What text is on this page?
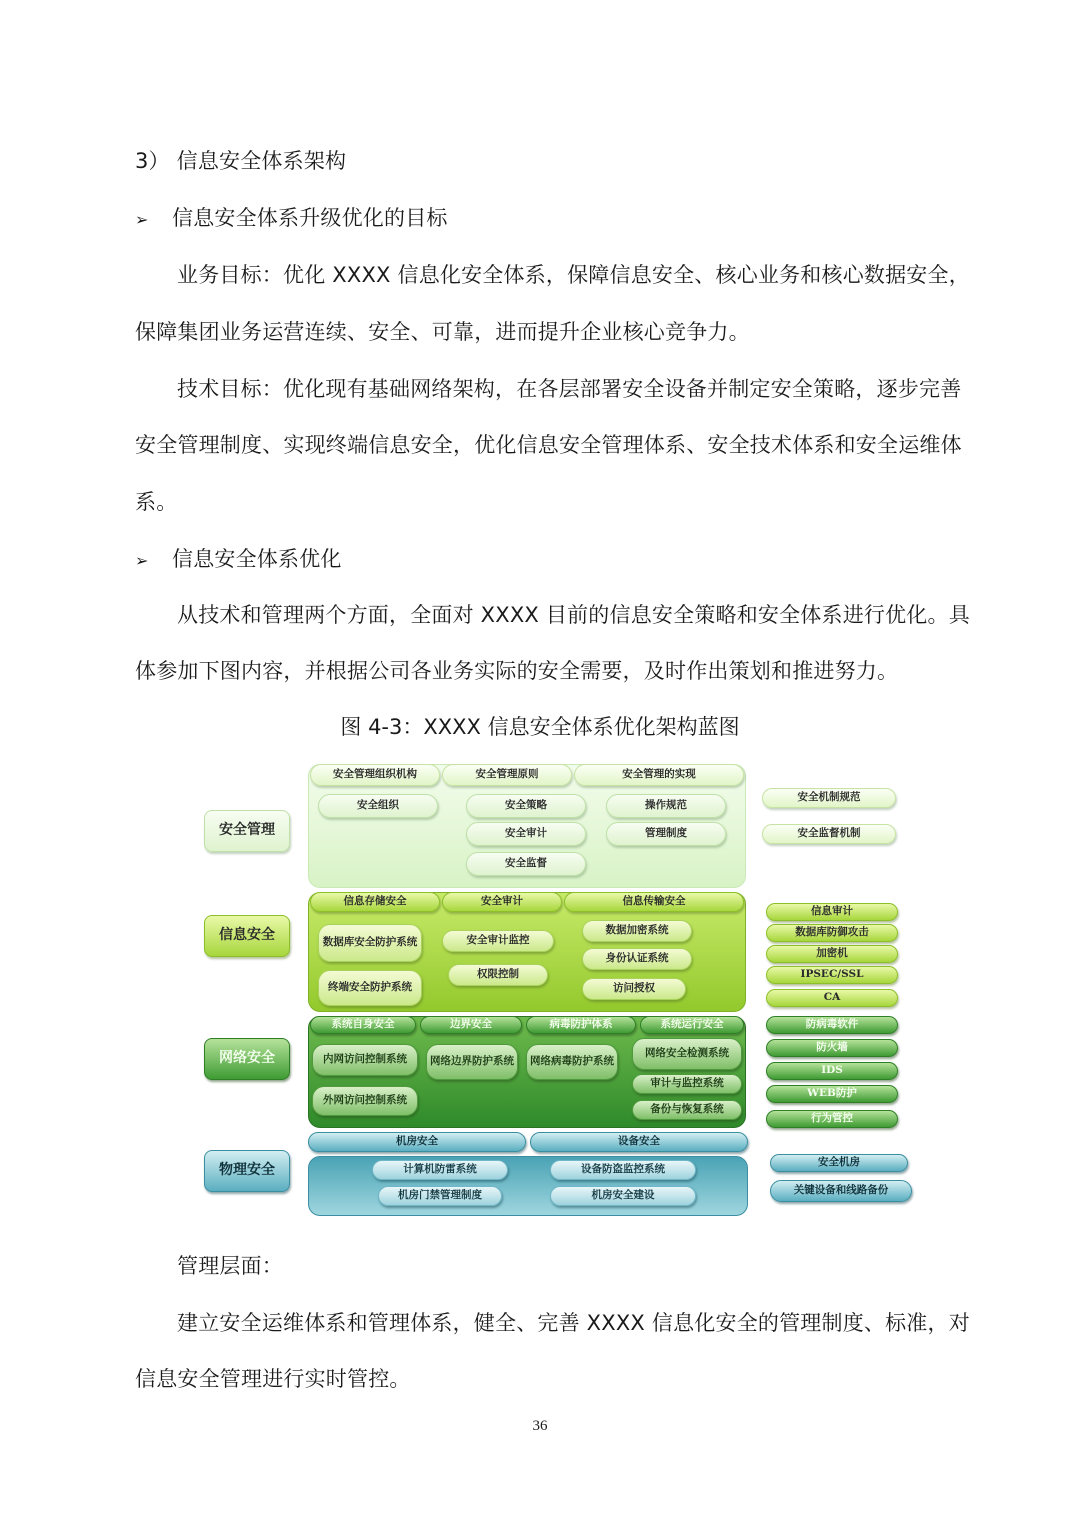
3） 信息安全体系架构
➢ 信息安全体系升级优化的目标
业务目标：优化 XXXX 信息化安全体系，保障信息安全、核心业务和核心数据安全，
保障集团业务运营连续、安全、可靠，进而提升企业核心竞争力。
技术目标：优化现有基础网络架构，在各层部署安全设备并制定安全策略，逐步完善
安全管理制度、实现终端信息安全，优化信息安全管理体系、安全技术体系和安全运维体
系。
➢ 信息安全体系优化
从技术和管理两个方面，全面对 XXXX 目前的信息安全策略和安全体系进行优化。具
体参加下图内容，并根据公司各业务实际的安全需要，及时作出策划和推进努力。
图 4-3：XXXX 信息安全体系优化架构蓝图
安全管理
信息安全
网络安全
物理安全
安全管理组织机构	安全管理原则	安全管理的实现
安全组织	安全策略	操作规范
安全审计	管理制度
安全监督
安全机制规范
安全监督机制
信息存储安全	安全审计	信息传输安全
数据库安全防护系统	安全审计监控
数据加密系统
身份认证系统
权限控制
终端安全防护系统	访问授权
信息审计
数据库防御攻击
加密机
IPSEC/SSL
CA
系统自身安全	边界安全	病毒防护体系	系统运行安全
内网访问控制系统	网络边界防护系统	网络病毒防护系统
网络安全检测系统
审计与监控系统
外网访问控制系统
备份与恢复系统
防病毒软件
防火墙
IDS
WEB防护
行为管控
机房安全	设备安全
计算机防雷系统	设备防盗监控系统
机房门禁管理制度	机房安全建设
安全机房
关键设备和线路备份
管理层面：
建立安全运维体系和管理体系，健全、完善 XXXX 信息化安全的管理制度、标准，对
信息安全管理进行实时管控。
36
